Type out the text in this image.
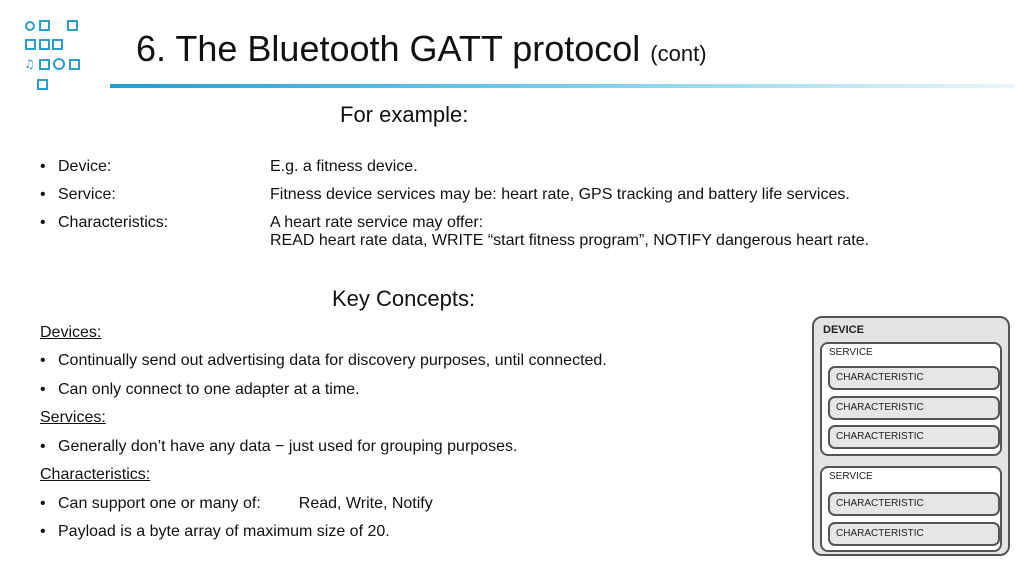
♫	6. The Bluetooth GATT protocol (cont)
For example:
• Device:	E.g. a fitness device.
• Service:	Fitness device services may be: heart rate, GPS tracking and battery life services.
• Characteristics:	A heart rate service may offer:
READ heart rate data, WRITE “start fitness program”, NOTIFY dangerous heart rate.
Key Concepts:
Devices:
• Continually send out advertising data for discovery purposes, until connected.
• Can only connect to one adapter at a time.
Services:
• Generally don’t have any data − just used for grouping purposes.
Characteristics:
• Can support one or many of: Read, Write, Notify
• Payload is a byte array of maximum size of 20.
DEVICE
SERVICE
CHARACTERISTIC
CHARACTERISTIC
CHARACTERISTIC
SERVICE
CHARACTERISTIC
CHARACTERISTIC
